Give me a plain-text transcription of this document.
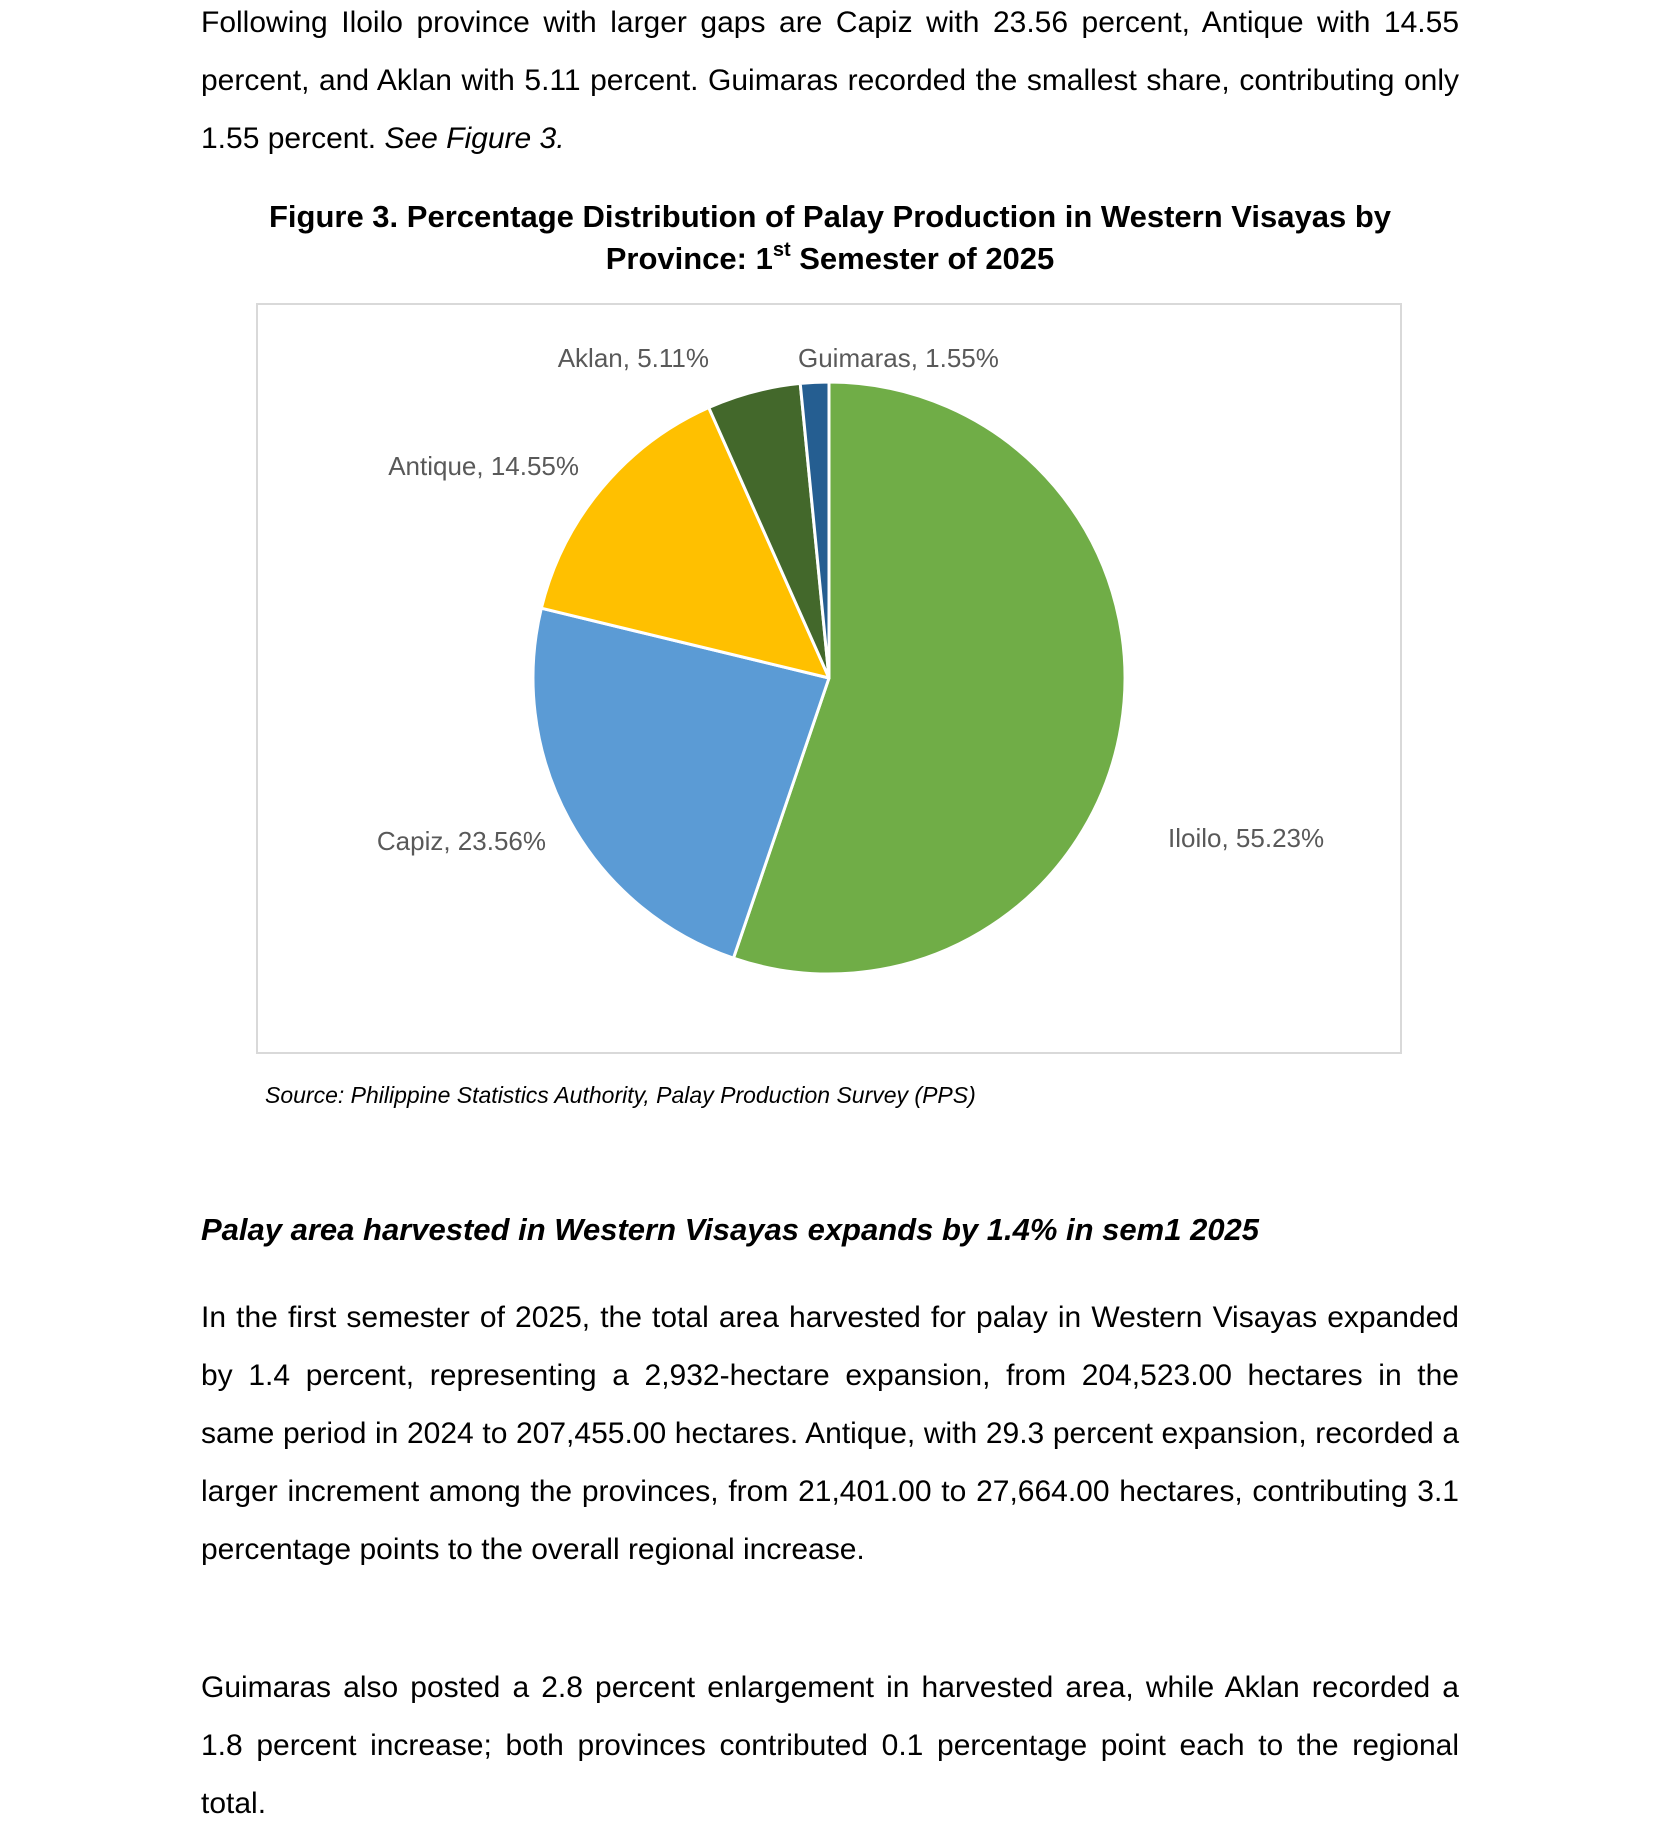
Following Iloilo province with larger gaps are Capiz with 23.56 percent, Antique with 14.55 percent, and Aklan with 5.11 percent. Guimaras recorded the smallest share, contributing only 1.55 percent. See Figure 3.

Figure 3. Percentage Distribution of Palay Production in Western Visayas by
Province: 1st Semester of 2025
Iloilo, 55.23%
Capiz, 23.56%
Antique, 14.55%
Aklan, 5.11%	Guimaras, 1.55%

Source: Philippine Statistics Authority, Palay Production Survey (PPS)

Palay area harvested in Western Visayas expands by 1.4% in sem1 2025

In the first semester of 2025, the total area harvested for palay in Western Visayas expanded by 1.4 percent, representing a 2,932-hectare expansion, from 204,523.00 hectares in the same period in 2024 to 207,455.00 hectares. Antique, with 29.3 percent expansion, recorded a larger increment among the provinces, from 21,401.00 to 27,664.00 hectares, contributing 3.1 percentage points to the overall regional increase.

Guimaras also posted a 2.8 percent enlargement in harvested area, while Aklan recorded a 1.8 percent increase; both provinces contributed 0.1 percentage point each to the regional total.
